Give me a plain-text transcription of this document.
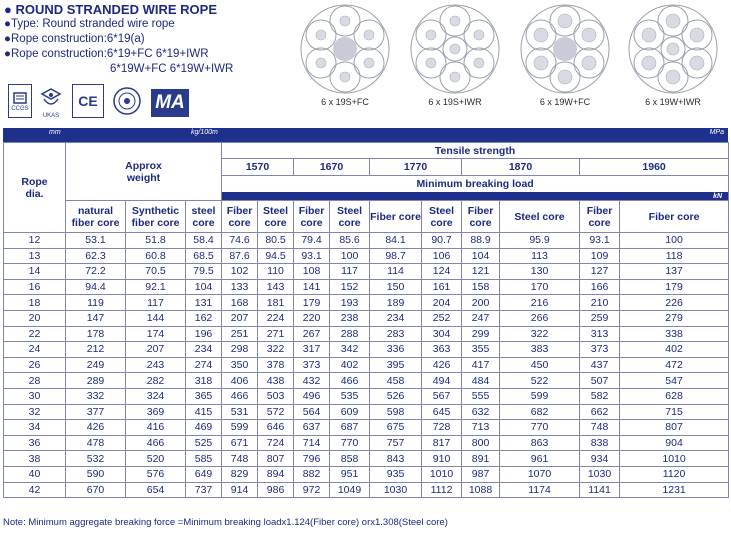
● ROUND STRANDED WIRE ROPE
●Type: Round stranded wire rope
●Rope construction:6*19(a)
●Rope construction:6*19+FC 6*19+IWR
6*19W+FC 6*19W+IWR
CCGS
UKAS
CE	MA	6 x 19S+FC	6 x 19S+IWR	6 x 19W+FC	6 x 19W+IWR
mm	kg/100m	MPa
Rope dia.	Approx weight			Tensile strength									
				1570		1670		1770		1870		1960	

				Minimum breaking load
kN									

	natural fiber core	Synthetic fiber core	steel core	Fiber core	Steel core	Fiber core	Steel core	Fiber core	Steel core	Fiber core	Steel core	Fiber core	Fiber core
12	53.1	51.8	58.4	74.6	80.5	79.4	85.6	84.1	90.7	88.9	95.9	93.1	100
13	62.3	60.8	68.5	87.6	94.5	93.1	100	98.7	106	104	113	109	118
14	72.2	70.5	79.5	102	110	108	117	114	124	121	130	127	137
16	94.4	92.1	104	133	143	141	152	150	161	158	170	166	179
18	119	117	131	168	181	179	193	189	204	200	216	210	226
20	147	144	162	207	224	220	238	234	252	247	266	259	279
22	178	174	196	251	271	267	288	283	304	299	322	313	338
24	212	207	234	298	322	317	342	336	363	355	383	373	402
26	249	243	274	350	378	373	402	395	426	417	450	437	472
28	289	282	318	406	438	432	466	458	494	484	522	507	547
30	332	324	365	466	503	496	535	526	567	555	599	582	628
32	377	369	415	531	572	564	609	598	645	632	682	662	715
34	426	416	469	599	646	637	687	675	728	713	770	748	807
36	478	466	525	671	724	714	770	757	817	800	863	838	904
38	532	520	585	748	807	796	858	843	910	891	961	934	1010
40	590	576	649	829	894	882	951	935	1010	987	1070	1030	1120
42	670	654	737	914	986	972	1049	1030	1112	1088	1174	1141	1231
Note: Minimum aggregate breaking force =Minimum breaking loadx1.124(Fiber core) orx1.308(Steel core)
